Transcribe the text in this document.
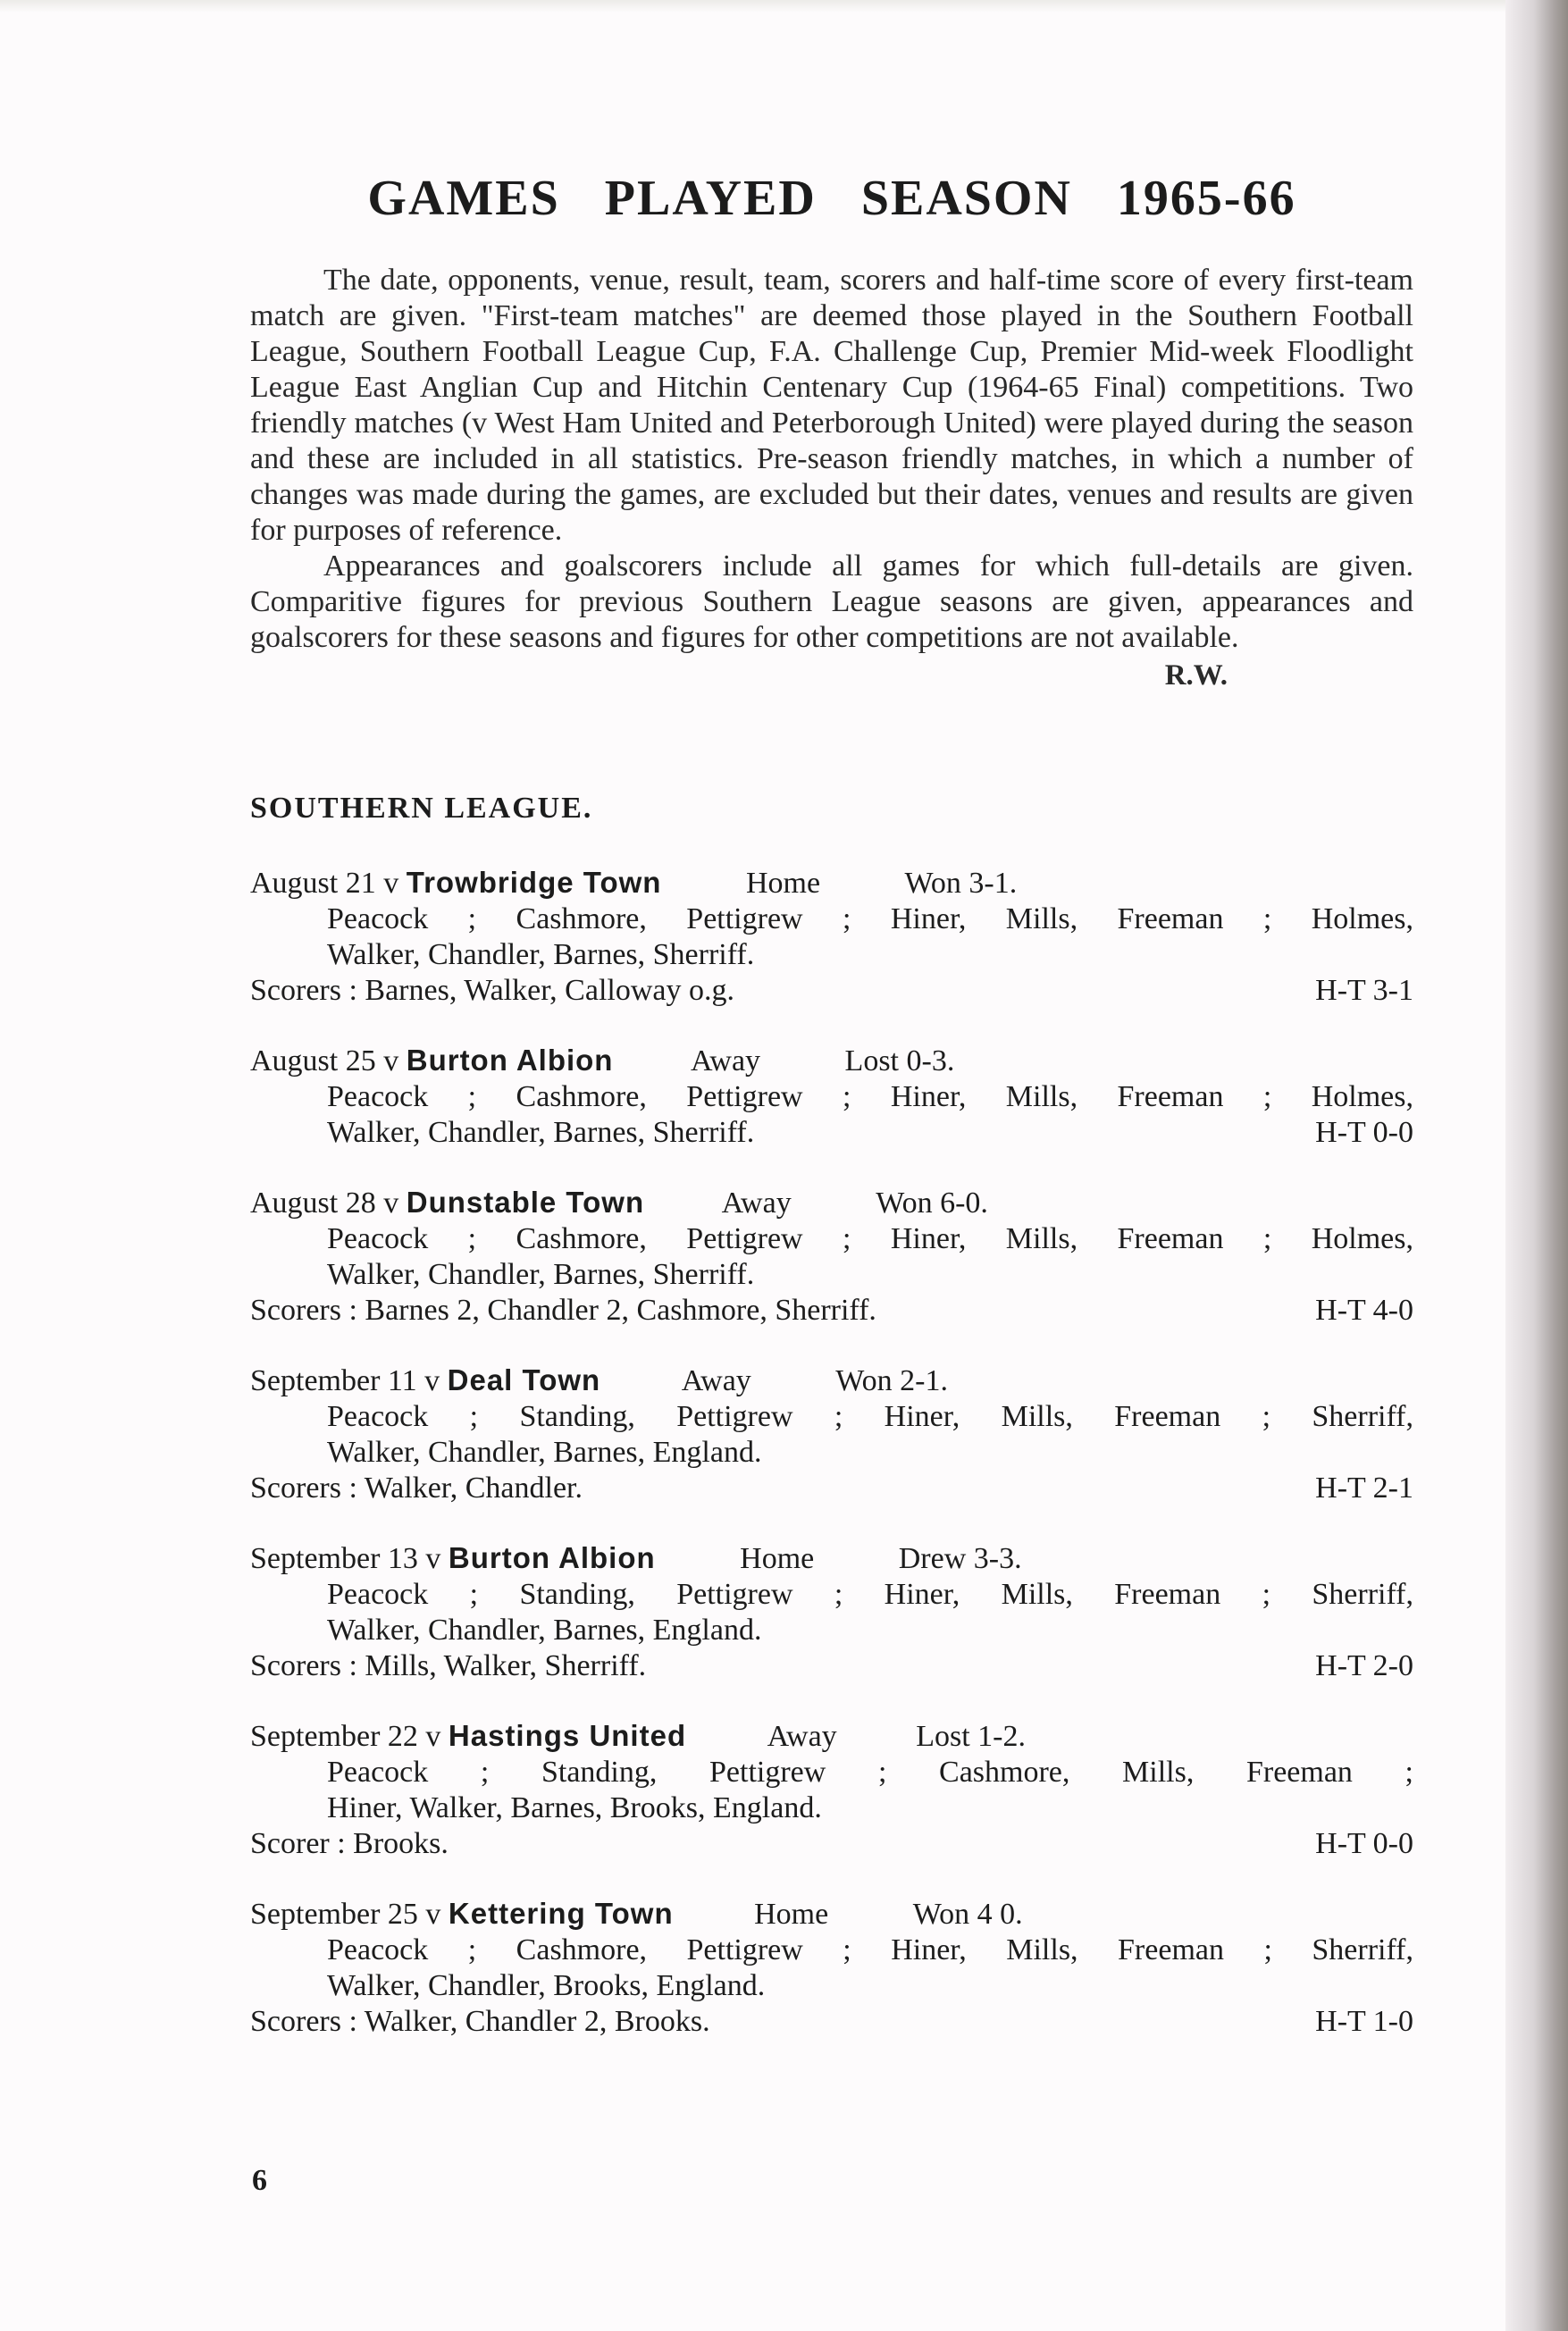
GAMES PLAYED SEASON 1965-66

The date, opponents, venue, result, team, scorers and half-time score of every first-team match are given. "First-team matches" are deemed those played in the Southern Football League, Southern Football League Cup, F.A. Challenge Cup, Premier Mid-week Floodlight League East Anglian Cup and Hitchin Centenary Cup (1964-65 Final) competitions. Two friendly matches (v West Ham United and Peterborough United) were played during the season and these are included in all statistics. Pre-season friendly matches, in which a number of changes was made during the games, are excluded but their dates, venues and results are given for purposes of reference.

Appearances and goalscorers include all games for which full-details are given. Comparitive figures for previous Southern League seasons are given, appearances and goalscorers for these seasons and figures for other competitions are not available.

R.W.
SOUTHERN LEAGUE.
August 21 v Trowbridge Town	Home	Won 3-1.
Peacock ; Cashmore, Pettigrew ; Hiner, Mills, Freeman ; Holmes,
Walker, Chandler, Barnes, Sherriff.
Scorers : Barnes, Walker, Calloway o.g.	H-T 3-1
August 25 v Burton Albion	Away	Lost 0-3.
Peacock ; Cashmore, Pettigrew ; Hiner, Mills, Freeman ; Holmes,
Walker, Chandler, Barnes, Sherriff.	H-T 0-0
August 28 v Dunstable Town	Away	Won 6-0.
Peacock ; Cashmore, Pettigrew ; Hiner, Mills, Freeman ; Holmes,
Walker, Chandler, Barnes, Sherriff.
Scorers : Barnes 2, Chandler 2, Cashmore, Sherriff.	H-T 4-0
September 11 v Deal Town	Away	Won 2-1.
Peacock ; Standing, Pettigrew ; Hiner, Mills, Freeman ; Sherriff,
Walker, Chandler, Barnes, England.
Scorers : Walker, Chandler.	H-T 2-1
September 13 v Burton Albion	Home	Drew 3-3.
Peacock ; Standing, Pettigrew ; Hiner, Mills, Freeman ; Sherriff,
Walker, Chandler, Barnes, England.
Scorers : Mills, Walker, Sherriff.	H-T 2-0
September 22 v Hastings United	Away	Lost 1-2.
Peacock ; Standing, Pettigrew ; Cashmore, Mills, Freeman ;
Hiner, Walker, Barnes, Brooks, England.
Scorer : Brooks.	H-T 0-0
September 25 v Kettering Town	Home	Won 4 0.
Peacock ; Cashmore, Pettigrew ; Hiner, Mills, Freeman ; Sherriff,
Walker, Chandler, Brooks, England.
Scorers : Walker, Chandler 2, Brooks.	H-T 1-0
6
